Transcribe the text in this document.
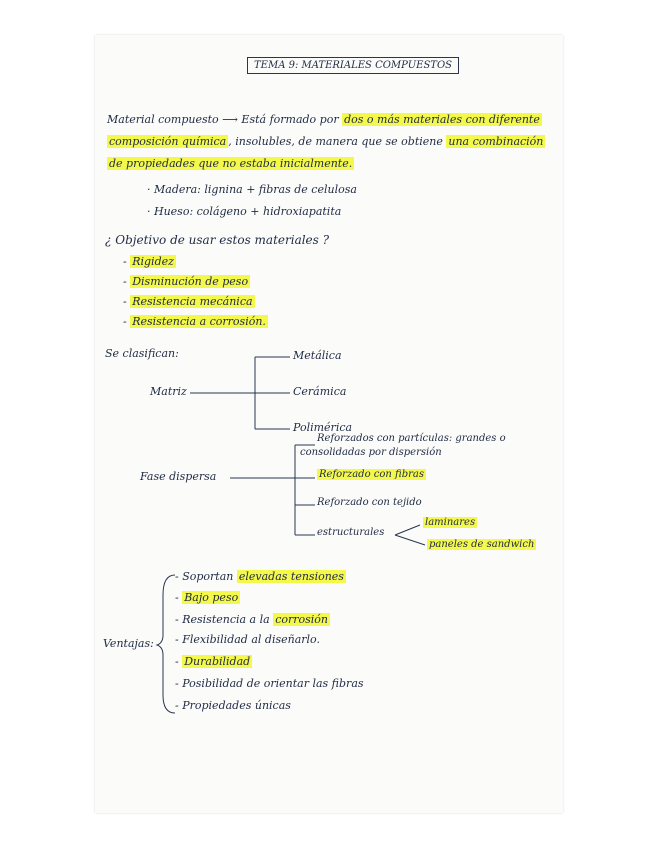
TEMA 9: MATERIALES COMPUESTOS
Material compuesto ⟶ Está formado por dos o más materiales con diferente
composición química , insolubles, de manera que se obtiene una combinación
de propiedades que no estaba inicialmente.
· Madera: lignina + fibras de celulosa
· Hueso: colágeno + hidroxiapatita
¿ Objetivo de usar estos materiales ?
- Rigidez
- Disminución de peso
- Resistencia mecánica
- Resistencia a corrosión.
Se clasifican:
Matriz
Metálica
Cerámica
Polimérica
Fase dispersa
Reforzados con partículas: grandes o
consolidadas por dispersión
Reforzado con fibras
Reforzado con tejido
estructurales
laminares
paneles de sandwich
Ventajas:
- Soportan elevadas tensiones
- Bajo peso
- Resistencia a la corrosión
- Flexibilidad al diseñarlo.
- Durabilidad
- Posibilidad de orientar las fibras
- Propiedades únicas
